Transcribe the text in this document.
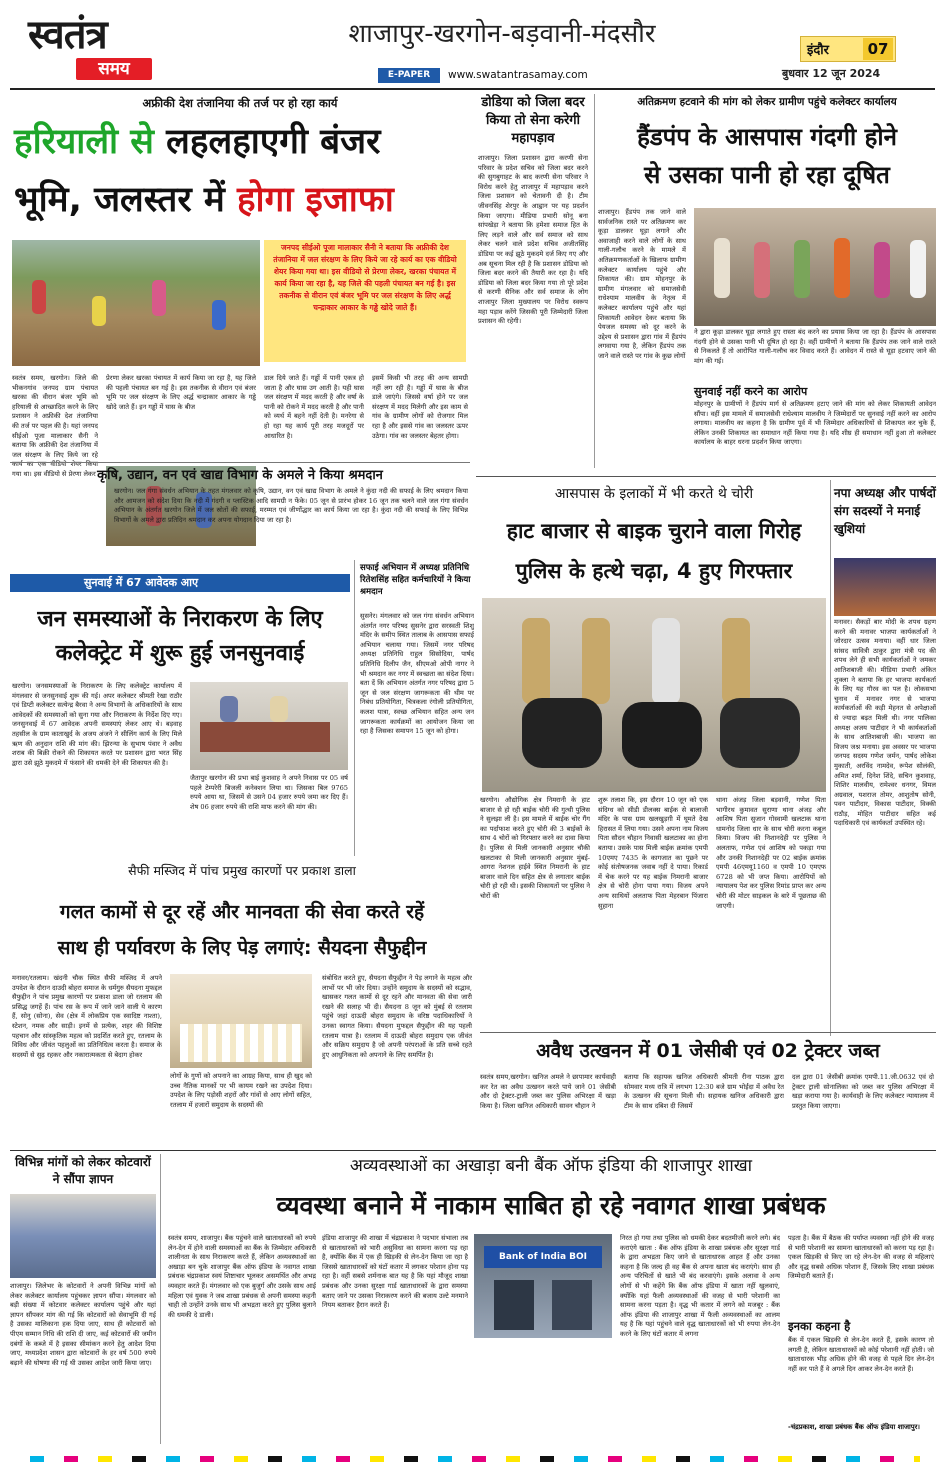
स्वतंत्र
समय
शाजापुर-खरगोन-बड़वानी-मंदसौर
E-PAPER	www.swatantrasamay.com
इंदौर	07
बुधवार 12 जून 2024
अफ्रीकी देश तंजानिया की तर्ज पर हो रहा कार्य
हरियाली से लहलहाएगी बंजर
भूमि, जलस्तर में होगा इजाफा
जनपद सीईओ पूजा मालाकार सैनी ने बताया कि अफ्रीकी देश तंजानिया में जल संरक्षण के लिए किये जा रहे कार्य का एक वीडियो शेयर किया गया था। इस वीडियो से प्रेरणा लेकर, खरका पंचायत में कार्य किया जा रहा है, यह जिले की पहली पंचायत बन गई है। इस तकनीक से वीरान एवं बंजर भूमि पर जल संरक्षण के लिए अर्द्ध चन्द्राकार आकार के गड्ढे खोदे जाते हैं।
स्वतंत्र समय, खरगोन। जिले की भीकनगांव जनपद ग्राम पंचायत खरका की वीरान बंजर भूमि को हरियाली से आच्छादित करने के लिए प्रशासन ने अफ्रीकी देश तंजानिया की तर्ज पर पहल की है। यहां जनपद सीईओ पूजा मालाकार सैनी ने बताया कि अफ्रीकी देश तंजानिया में जल संरक्षण के लिए किये जा रहे कार्य का एक वीडियो शेयर किया गया था। इस वीडियो से प्रेरणा लेकर
प्रेरणा लेकर खरका पंचायत में कार्य किया जा रहा है, यह जिले की पहली पंचायत बन गई है। इस तकनीक से वीरान एवं बंजर भूमि पर जल संरक्षण के लिए अर्द्ध चन्द्राकार आकार के गड्ढे खोदे जाते हैं। इन गड्ढों में घास के बीज
डाल दिये जाते हैं। गड्ढों में पानी एकत्र हो जाता है और घास उग आती है। यही घास जल संरक्षण में मदद करती है और वर्षा के पानी को रोकने में मदद करती है और पानी को व्यर्थ में बहने नहीं देती है। मनरेगा से हो रहा यह कार्य पूरी तरह मजदूरों पर आधारित है।
इसमें किसी भी तरह की अन्य सामग्री नहीं लग रही है। गड्ढों में घास के बीज डाले जाएंगे। जिससे वर्षा होने पर जल संरक्षण में मदद मिलेगी और इस काम से गांव के ग्रामीण लोगों को रोजगार मिल रहा है और इससे गांव का जलस्तर ऊपर उठेगा। गांव का जलस्तर बेहतर होगा।
कृषि, उद्यान, वन एवं खाद्य विभाग के अमले ने किया श्रमदान
खरगोन। जल गंगा संवर्धन अभियान के तहत मंगलवार को कृषि, उद्यान, वन एवं खाद्य विभाग के अमले ने कुंदा नदी की सफाई के लिए श्रमदान किया और आमजन को संदेश दिया कि नदी में गंदगी व प्लास्टिक आदि सामग्री न फेंके। 05 जून से प्रारंभ होकर 16 जून तक चलने वाले जल गंगा संवर्धन अभियान के अंतर्गत खरगोन जिले में जल स्रोतों की सफाई, मरम्मत एवं जीर्णोद्धार का कार्य किया जा रहा है। कुंदा नदी की सफाई के लिए विभिन्न विभागों के अमले द्वारा प्रतिदिन श्रमदान कर अपना योगदान दिया जा रहा है।
डोडिया को जिला बदर किया तो सेना करेगी महापड़ाव
शाजापुर। जिला प्रशासन द्वारा करणी सेना परिवार के प्रदेश सचिव को जिला बदर करने की सुगबुगाहट के बाद करणी सेना परिवार ने विरोध करने हेतु शाजापुर में महापड़ाव करने जिला प्रशासन को चेतावनी दी है। टीम जीवनसिंह शेरपुर के आह्वान पर यह प्रदर्शन किया जाएगा। मीडिया प्रभारी सोनू बना सांपखेड़ा ने बताया कि हमेशा समाज हित के लिए लड़ने वाले और सर्व समाज को साथ लेकर चलने वाले प्रदेश सचिव अजीतसिंह डोडिया पर कई झूठे मुकदमे दर्ज किए गए और अब सूचना मिल रही है कि प्रशासन डोडिया को जिला बदर करने की तैयारी कर रहा है। यदि डोडिया को जिला बदर किया गया तो पूरे प्रदेश से करणी सैनिक और सर्व समाज के लोग शाजापुर जिला मुख्यालय पर विरोध स्वरूप महा पड़ाव करेंगे जिसकी पूरी जिम्मेदारी जिला प्रशासन की रहेगी।
अतिक्रमण हटवाने की मांग को लेकर ग्रामीण पहुंचे कलेक्टर कार्यालय
हैंडपंप के आसपास गंदगी होने
से उसका पानी हो रहा दूषित
शाजापुर। हैंडपंप तक जाने वाले सार्वजनिक रास्ते पर अतिक्रमण कर कूड़ा डालकर घूड़ा लगाने और अवाजाही करने वाले लोगों के साथ गाली-गलौच करने के मामले में अतिक्रमणकर्ताओं के खिलाफ ग्रामीण कलेक्टर कार्यालय पहुंचे और शिकायत की। ग्राम मोहनपुर के ग्रामीण मंगलवार को समाजसेवी राधेश्याम मालवीय के नेतृत्व में कलेक्टर कार्यालय पहुंचे और यहां शिकायती आवेदन देकर बताया कि पेयजल समस्या को दूर करने के उद्देश्य से प्रशासन द्वारा गांव में हैंडपंप लगवाया गया है, लेकिन हैंडपंप तक जाने वाले रास्ते पर गांव के कुछ लोगों
ने द्वारा कूड़ा डालकर घूड़ा लगाते हुए रास्ता बंद करने का प्रयास किया जा रहा है। हैंडपंप के आसपास गंदगी होने से उसका पानी भी दूषित हो रहा है। वहीं ग्रामीणों ने बताया कि हैंडपंप तक जाने वाले रास्ते से निकलते हैं तो आरोपित गाली-गलौच कर विवाद करते हैं। आवेदन में रास्ते से घूड़ा हटवाए जाने की मांग की गई।
सुनवाई नहीं करने का आरोप
मोहनपुर के ग्रामीणों ने हैंडपंप मार्ग से अतिक्रमण हटाए जाने की मांग को लेकर शिकायती आवेदन सौंपा। वहीं इस मामले में समाजसेवी राधेश्याम मालवीय ने जिम्मेदारों पर सुनवाई नहीं करने का आरोप लगाया। मालवीय का कहना है कि ग्रामीण पूर्व में भी जिम्मेदार अधिकारियों से शिकायत कर चुके हैं, लेकिन उनकी शिकायत का समाधान नहीं किया गया है। यदि शीघ्र ही समाधान नहीं हुआ तो कलेक्टर कार्यालय के बाहर धरना प्रदर्शन किया जाएगा।
सुनवाई में 67 आवेदक आए
जन समस्याओं के निराकरण के लिए
कलेक्ट्रेट में शुरू हुई जनसुनवाई
खरगोन। जनसमस्याओं के निराकरण के लिए कलेक्ट्रेट कार्यालय में मंगलवार से जनसुनवाई शुरू की गई। अपर कलेक्टर श्रीमती रेखा राठौर एवं डिप्टी कलेक्टर सत्येन्द्र बैरवा ने अन्य विभागों के अधिकारियों के साथ आवेदकों की समस्याओं को सुना गया और निराकरण के निर्देश दिए गए। जनसुनवाई में 67 आवेदक अपनी समस्याएं लेकर आए थे। बड़वाह तहसील के ग्राम काताखुर्द के अजय अंजने ने सीलिंग कार्य के लिए मिले ऋण की अनुदान राशि की मांग की। झिरन्या के सुभाष पंवार ने अवैध शराब की बिक्री रोकने की शिकायत करते पर प्रशासन द्वारा भरत सिंह द्वारा उसे झूठे मुकदमे में फंसाने की धमकी देने की शिकायत की है।
जैतापुर खरगोन की प्रभा बाई कुशवाह ने अपने निवास पर 05 वर्ष पहले टेम्परेरी बिजली कनेक्शन लिया था। जिसका बिल 9765 रुपये आया था, जिसमें से उसने 04 हजार रुपये जमा कर दिए हैं। शेष 06 हजार रुपये की राशि माफ करने की मांग की।
सफाई अभियान में अध्यक्ष प्रतिनिधि रितेशसिंह सहित कर्मचारियों ने किया श्रमदान
सुसनेर। मंगलवार को जल गंगा संवर्धन अभियान अंतर्गत नगर परिषद सुसनेर द्वारा सरस्वती शिशु मंदिर के समीप स्थित तालाब के आसपास सफाई अभियान चलाया गया। जिसमें नगर परिषद अध्यक्ष प्रतिनिधि राहुल सिसोदिया, पार्षद प्रतिनिधि दिलीप जैन, सीएमओ ओपी नागर ने भी श्रमदान कर नगर में स्वच्छता का संदेश दिया। बता दें कि अभियान अंतर्गत नगर परिषद द्वारा 5 जून से जल संरक्षण जागरूकता की थीम पर निबंध प्रतियोगिता, चित्रकला रंगोली प्रतियोगिता, कलश यात्रा, स्वच्छ अभियान सहित अन्य जन जागरूकता कार्यक्रमों का आयोजन किया जा रहा है जिसका समापन 15 जून को होगा।
आसपास के इलाकों में भी करते थे चोरी
हाट बाजार से बाइक चुराने वाला गिरोह
पुलिस के हत्थे चढ़ा, 4 हुए गिरफ्तार
खरगोन। औद्योगिक क्षेत्र निमरानी के हाट बाजार से हो रही बाईक चोरी की गुत्थी पुलिस ने सुलझा ली है। इस मामले में बाईक चोर गैंग का पर्दाफाश करते हुए चोरी की 3 बाईकों के साथ 4 चोरों को गिरफ्तार करने का दावा किया है। पुलिस से मिली जानकारी अनुसार चौकी खलटाका से मिली जानकारी अनुसार मुंबई-आगरा नेशनल हाईवे स्थित निमरानी के हाट बाजार वाले दिन सहित क्षेत्र से लगातार बाईक चोरी हो रही थी। इसकी शिकायतों पर पुलिस ने चोरों की
शुरू तलाश कि, इस दौरान 10 जून को एक संदिग्ध को सीडी डीलक्स बाईक से बालाजी मंदिर के पास ग्राम खलखुड़ग़ी में घूमते देख हिरासत में लिया गया। उसने अपना नाम विजय पिता सौदन चौहान निवासी खलटाका का होना बताया। उसके पास मिली बाईक क्रमांक एमपी 10एमए 7435 के कागजात का पूछने पर कोई संतोषजनक जवाब नहीं दे पाया। रिकार्ड में चेक करने पर यह बाईक निमरानी बाजार क्षेत्र से चोरी होना पाया गया। विजय अपने अन्य साथियों अलताफ पिता मेहरबान पिंजारा सुहाना
थाना अंजड़ जिला बड़वानी, गणेश पिता भागीरथ कुमावत सुराणा थाना अंजड़ और आशिष पिता सुजान गोस्वामी खलटाक थाना धामनोद जिला धार के साथ चोरी करना कबूल किया। विजय की निशानदेही पर पुलिस ने अलताफ, गणेश एवं आशिष को पकड़ा गया और उनकी निशानदेही पर 02 बाईक क्रमांक एमपी 46एमयू1160 व एमपी 10 एमएफ 6728 को भी जप्त किया। आरोपियों को न्यायालय पेश कर पुलिस रिमांड प्राप्त कर अन्य चोरी की मोटर साइकल के बारे में पूछताछ की जाएगी।
नपा अध्यक्ष और पार्षदों संग सदस्यों ने मनाई खुशियां
मनावर। सैकड़ों बार मोदी के शपथ ग्रहण करने की मनावर भाजपा कार्यकर्ताओं ने जोरदार उत्सव मनाया। वहीं धार जिला सांसद सावित्री ठाकुर द्वारा मंत्री पद की शपथ लेने ही सभी कार्यकर्ताओं ने जमकर आतिशबाजी की। मीडिया प्रभारी अंकित शुक्ला ने बताया कि हर भाजपा कार्यकर्ता के लिए यह गौरव का पल है। लोकसभा चुनाव में मनावर नगर से भाजपा कार्यकर्ताओं की कड़ी मेहनत से अपेक्षाओं से ज्यादा बढ़त मिली थी। नगर पालिका अध्यक्ष अजय पाटीदार ने भी कार्यकर्ताओं के साथ आतिशबाजी की। भाजपा का विजय जश्न मनाया। इस अवसर पर भाजपा जनपद सदस्य गणेश जर्मन, पार्षद लोकेश मुकाती, अरविंद नामदेव, रूपेश सोलंकी, अमित शर्मा, दिनेश शिंदे, सचिन कुशवाह, शिशिर मालवीय, रामेश्वर धनगर, विमल अग्रवाल, यशराज तोमर, आशुतोष सोनी, पवन पाटीदार, विकास पाटीदार, विक्की राठौड़, मोहित पाटीदार सहित कई पदाधिकारी एवं कार्यकर्ता उपस्थित रहे।
सैफी मस्जिद में पांच प्रमुख कारणों पर प्रकाश डाला
गलत कामों से दूर रहें और मानवता की सेवा करते रहें
साथ ही पर्यावरण के लिए पेड़ लगाएं: सैयदना सैफुद्दीन
मनावर/रतलाम। खंदनी चौक स्थित सैफी मस्जिद में अपने उपदेश के दौरान दाउदी बोहरा समाज के धर्मगुरु सैयदना मुफद्दल सैफुद्दीन ने पांच प्रमुख कारणों पर प्रकाश डाला जो रतलाम की प्रसिद्ध जगहें हैं। पांच रस के रूप में जाने जाने वाली ये कारण हैं, सोनु (सोना), सेव (क्षेत्र में लोकप्रिय एक स्वादिष्ट नाश्ता), स्टेशन, नमक और साड़ी। इनमें से प्रत्येक, शहर की विशिष्ट पहचान और सांस्कृतिक महत्व को प्रदर्शित करते हुए, रतलाम के विविध और जीवंत पहलुओं का प्रतिनिधित्व करता है। समाज के सदस्यों से सुढ़ रहकर और नकारात्मकता से बेदाग होकर
लोगों के गुणों को अपनाने का आग्रह किया, साथ ही खुद को उच्च नैतिक मानकों पर भी कायम रखने का उपदेश दिया। उपदेश के लिए पड़ोसी शहरों और गांवों से आए लोगों सहित, रतलाम में हजारों समुदाय के सदस्यों की
संबोधित करते हुए, सैयदना सैफुद्दीन ने पेड़ लगाने के महत्व और लाभों पर भी जोर दिया। उन्होंने समुदाय के सदस्यों को सद्भाव, खासकर गलत कामों से दूर रहने और मानवता की सेवा जारी रखने की सलाह भी दी। सैयदना 8 जून को मुंबई से रतलाम पहुंचे जहां दाऊदी बोहरा समुदाय के वरिष्ठ पदाधिकारियों ने उनका स्वागत किया। सैयदना मुफद्दल सैफुद्दीन की यह पहली रतलाम यात्रा है। रतलाम में दाऊदी बोहरा समुदाय एक जीवंत और सक्रिय समुदाय है जो अपनी परंपराओं के प्रति सच्चे रहते हुए आधुनिकता को अपनाने के लिए समर्पित है।	अवैध उत्खनन में 01 जेसीबी एवं 02 ट्रेक्टर जब्त
स्वतंत्र समय,खरगोन। खनिज अमले ने छापामार कार्यवाही कर रेत का अवैध उत्खनन करते पाये जाने 01 जेसीबी और दो ट्रेक्टर-ट्राली जब्त कर पुलिस अभिरक्षा में खड़ा किया है। जिला खनिज अधिकारी सावन चौहान ने
बताया कि सहायक खनिज अधिकारी श्रीमती रीना पाठक द्वारा सोमवार मध्य रात्रि में लगभग 12:30 बजे ग्राम भोईंदा में अवैध रेत के उत्खनन की सूचना मिली थी। सहायक खनिज अधिकारी द्वारा टीम के साथ दबिश दी जिसमें
दल द्वारा 01 जेसीबी क्रमांक एमपी.11.जी.0632 एवं दो ट्रेक्टर ट्राली सोनालिका को जब्त कर पुलिस अभिरक्षा में खड़ा कराया गया है। कार्यवाही के लिए कलेक्टर न्यायालय में प्रस्तुत किया जाएगा।
विभिन्न मांगों को लेकर कोटवारों ने सौंपा ज्ञापन
शाजापुर। जिलेभर के कोटवारों ने अपनी विभिन्न मांगों को लेकर कलेक्टर कार्यालय पहुंचकर ज्ञापन सौंपा। मंगलवार को बड़ी संख्या में कोटवार कलेक्टर कार्यालय पहुंचे और यहां ज्ञापन सौंपकर मांग की गई कि कोटवारों को सेवाभूमि दी गई है उसका मालिकाना हक दिया जाए, साथ ही कोटवारों को पीएम सम्मान निधि की राशि दी जाए, कई कोटवारों की जमीन दबंगों के कब्जे में है इसका सीमांकन करने हेतु आदेश दिया जाए, मध्यप्रदेश शासन द्वारा कोटवारों के हर वर्ष 500 रुपये बढ़ाने की घोषणा की गई थी उसका आदेश जारी किया जाए।
अव्यवस्थाओं का अखाड़ा बनी बैंक ऑफ इंडिया की शाजापुर शाखा
व्यवस्था बनाने में नाकाम साबित हो रहे नवागत शाखा प्रबंधक
स्वतंत्र समय, शाजापुर। बैंक पहुंचने वाले खाताधारकों को रुपये लेन-देन में होने वाली समस्याओं का बैंक के जिम्मेदार अधिकारी शालीनता के साथ निराकरण करते हैं, लेकिन अव्यवस्थाओं का अखाड़ा बन चुके शाजापुर बैंक ऑफ इंडिया के नवागत शाखा प्रबंधक चंद्रप्रकाश स्वयं शिष्टाचार भूलकर असमर्थित और अभद्र व्यवहार करते हैं। मंगलवार को एक बुजुर्ग और उसके साथ आई महिला एवं युवक ने जब शाखा प्रबंधक से अपनी समस्या कहनी चाही तो उन्होंने उनके साथ भी अभद्रता करते हुए पुलिस बुलाने की धमकी दे डाली।
इंडिया शाजापुर की शाखा में चंद्रप्रकाश ने पदभार संभाला तब से खाताधारकों को भारी असुविधा का सामना करना पड़ रहा है, क्योंकि बैंक में एक ही खिड़की से लेन-देन किया जा रहा है जिससे खाताधारकों को घंटों कतार में लगकर परेशान होना पड़ रहा है। वहीं सबसे शर्मनाक बात यह है कि यहां मौजूद शाखा प्रबंधक और उनका सुरक्षा गार्ड खाताधारकों के द्वारा समस्या बताए जाने पर उसका निराकरण करने की बजाय उल्टे मनमाने नियम बताकर हैरान करते हैं।
Bank of India BOI
निरत हो गया तथा पुलिस को धमकी देकर बदतमीजी करने लगे। बंद कराएंगे खाता : बैंक ऑफ इंडिया के शाखा प्रबंधक और सुरक्षा गार्ड के द्वारा अभद्रता किए जाने से खाताधारक आहत हैं और उनका कहना है कि जल्द ही वह बैंक से अपना खाता बंद कराएंगे। साथ ही अन्य परिचितों से खाते भी बंद करवाएंगे। इसके अलावा वे अन्य लोगों से भी कहेंगे कि बैंक ऑफ इंडिया में खाता नहीं खुलवाएं, क्योंकि यहां फैली अव्यवस्थाओं की वजह से भारी परेशानी का सामना करना पड़ता है। वृद्ध भी कतार में लगने को मजबूर : बैंक ऑफ इंडिया की शाजापुर शाखा में फैली अव्यवस्थाओं का आलम यह है कि यहां पहुंचने वाले वृद्ध खाताधारकों को भी रुपया लेन-देन करने के लिए घंटों कतार में लगना
पड़ता है। बैंक में बैठक की पर्याप्त व्यवस्था नहीं होने की वजह से भारी परेशानी का सामना खाताधारकों को करना पड़ रहा है। एकल खिड़की से किए जा रहे लेन-देन की वजह से महिलाएं और वृद्ध सबसे अधिक परेशान हैं, जिसके लिए शाखा प्रबंधक जिम्मेदारी बताते हैं।
इनका कहना है
बैंक में एकल खिड़की से लेन-देन करते हैं, इसके कारण तो लगती है, लेकिन खाताधारकों को कोई परेशानी नहीं होती। जो खाताधारक भीड़ अधिक होने की वजह से पहले दिन लेन-देन नहीं कर पाते हैं वे अगले दिन आकर लेन-देन करते हैं।
-चंद्रप्रकाश, शाखा प्रबंधक बैंक ऑफ इंडिया शाजापुर।
